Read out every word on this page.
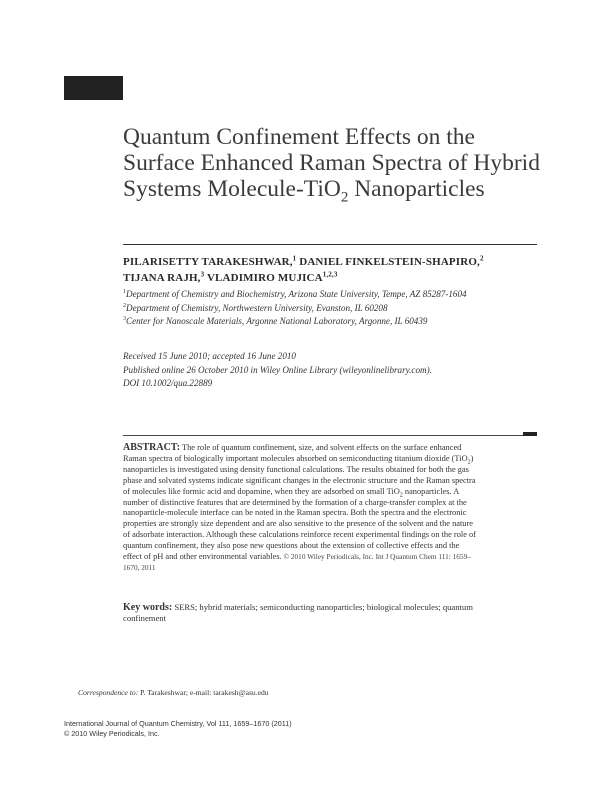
Quantum Confinement Effects on the Surface Enhanced Raman Spectra of Hybrid Systems Molecule-TiO$_2$ Nanoparticles
PILARISETTY TARAKESHWAR,$^1$ DANIEL FINKELSTEIN-SHAPIRO,$^2$
TIJANA RAJH,$^3$ VLADIMIRO MUJICA$^{1,2,3}$
$^1$Department of Chemistry and Biochemistry, Arizona State University, Tempe, AZ 85287-1604
$^2$Department of Chemistry, Northwestern University, Evanston, IL 60208
$^3$Center for Nanoscale Materials, Argonne National Laboratory, Argonne, IL 60439
Received 15 June 2010; accepted 16 June 2010
Published online 26 October 2010 in Wiley Online Library (wileyonlinelibrary.com).
DOI 10.1002/qua.22889

ABSTRACT: The role of quantum confinement, size, and solvent effects on the surface enhanced Raman spectra of biologically important molecules absorbed on semiconducting titanium dioxide (TiO$_2$) nanoparticles is investigated using density functional calculations. The results obtained for both the gas phase and solvated systems indicate significant changes in the electronic structure and the Raman spectra of molecules like formic acid and dopamine, when they are adsorbed on small TiO$_2$ nanoparticles. A number of distinctive features that are determined by the formation of a charge-transfer complex at the nanoparticle-molecule interface can be noted in the Raman spectra. Both the spectra and the electronic properties are strongly size dependent and are also sensitive to the presence of the solvent and the nature of adsorbate interaction. Although these calculations reinforce recent experimental findings on the role of quantum confinement, they also pose new questions about the extension of collective effects and the effect of pH and other environmental variables. © 2010 Wiley Periodicals, Inc. Int J Quantum Chem 111: 1659–1670, 2011

Key words: SERS; hybrid materials; semiconducting nanoparticles; biological molecules; quantum confinement

Correspondence to: P. Tarakeshwar; e-mail: tarakesh@asu.edu

International Journal of Quantum Chemistry, Vol 111, 1659–1670 (2011)
© 2010 Wiley Periodicals, Inc.
